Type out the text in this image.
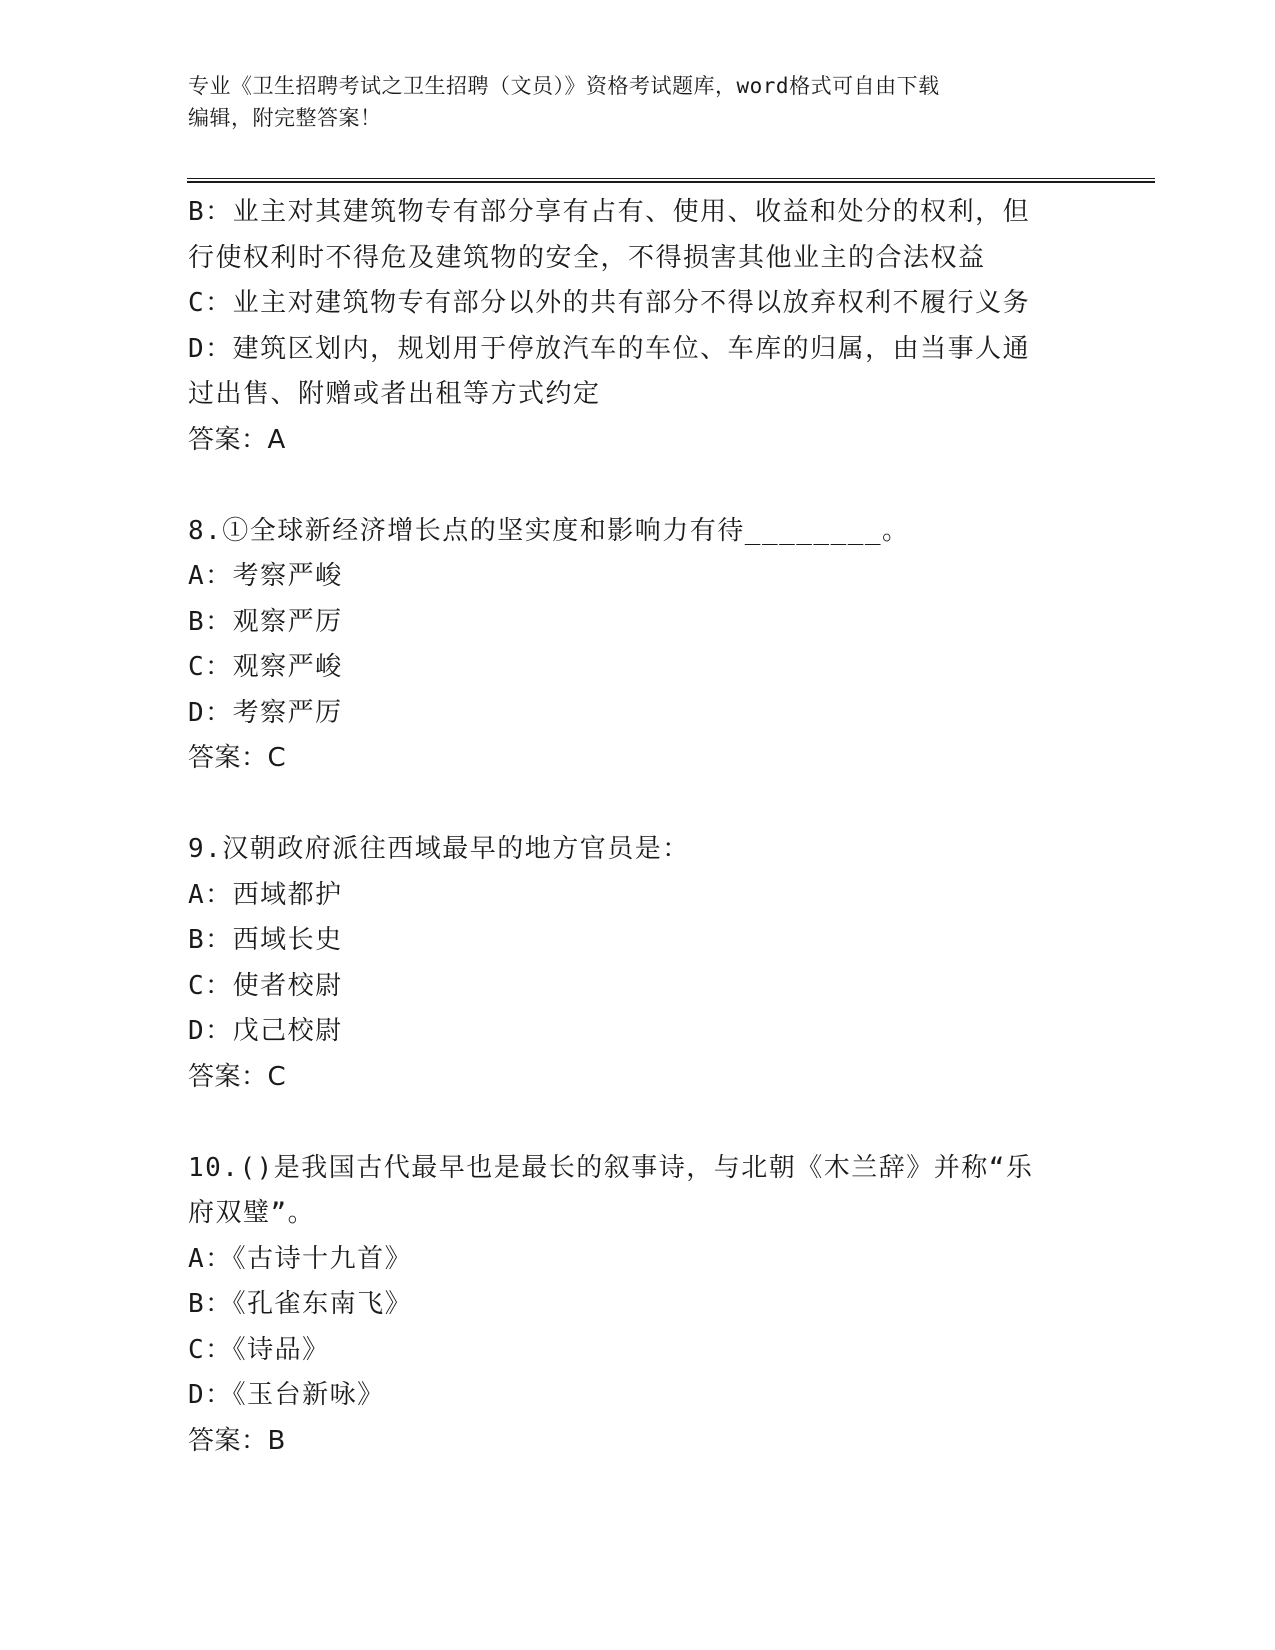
专业《卫生招聘考试之卫生招聘（文员）》资格考试题库，word格式可自由下载
编辑，附完整答案！
B：业主对其建筑物专有部分享有占有、使用、收益和处分的权利，但
行使权利时不得危及建筑物的安全，不得损害其他业主的合法权益
C：业主对建筑物专有部分以外的共有部分不得以放弃权利不履行义务
D：建筑区划内，规划用于停放汽车的车位、车库的归属，由当事人通
过出售、附赠或者出租等方式约定
答案：A
8.①全球新经济增长点的坚实度和影响力有待________。
A：考察严峻
B：观察严厉
C：观察严峻
D：考察严厉
答案：C
9.汉朝政府派往西域最早的地方官员是：
A：西域都护
B：西域长史
C：使者校尉
D：戊己校尉
答案：C
10.()是我国古代最早也是最长的叙事诗，与北朝《木兰辞》并称“乐
府双璧”。
A：《古诗十九首》
B：《孔雀东南飞》
C：《诗品》
D：《玉台新咏》
答案：B
